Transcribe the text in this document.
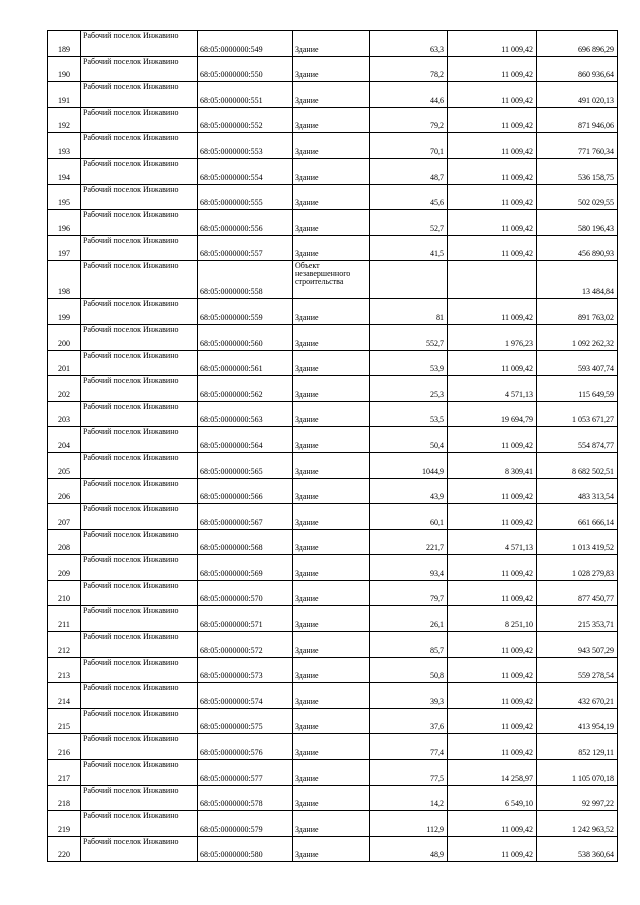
189	Рабочий поселок Инжавино	68:05:0000000:549	Здание	63,3	11 009,42	696 896,29
190	Рабочий поселок Инжавино	68:05:0000000:550	Здание	78,2	11 009,42	860 936,64
191	Рабочий поселок Инжавино	68:05:0000000:551	Здание	44,6	11 009,42	491 020,13
192	Рабочий поселок Инжавино	68:05:0000000:552	Здание	79,2	11 009,42	871 946,06
193	Рабочий поселок Инжавино	68:05:0000000:553	Здание	70,1	11 009,42	771 760,34
194	Рабочий поселок Инжавино	68:05:0000000:554	Здание	48,7	11 009,42	536 158,75
195	Рабочий поселок Инжавино	68:05:0000000:555	Здание	45,6	11 009,42	502 029,55
196	Рабочий поселок Инжавино	68:05:0000000:556	Здание	52,7	11 009,42	580 196,43
197	Рабочий поселок Инжавино	68:05:0000000:557	Здание	41,5	11 009,42	456 890,93
198	Рабочий поселок Инжавино	68:05:0000000:558	Объект незавершенного строительства			13 484,84
199	Рабочий поселок Инжавино	68:05:0000000:559	Здание	81	11 009,42	891 763,02
200	Рабочий поселок Инжавино	68:05:0000000:560	Здание	552,7	1 976,23	1 092 262,32
201	Рабочий поселок Инжавино	68:05:0000000:561	Здание	53,9	11 009,42	593 407,74
202	Рабочий поселок Инжавино	68:05:0000000:562	Здание	25,3	4 571,13	115 649,59
203	Рабочий поселок Инжавино	68:05:0000000:563	Здание	53,5	19 694,79	1 053 671,27
204	Рабочий поселок Инжавино	68:05:0000000:564	Здание	50,4	11 009,42	554 874,77
205	Рабочий поселок Инжавино	68:05:0000000:565	Здание	1044,9	8 309,41	8 682 502,51
206	Рабочий поселок Инжавино	68:05:0000000:566	Здание	43,9	11 009,42	483 313,54
207	Рабочий поселок Инжавино	68:05:0000000:567	Здание	60,1	11 009,42	661 666,14
208	Рабочий поселок Инжавино	68:05:0000000:568	Здание	221,7	4 571,13	1 013 419,52
209	Рабочий поселок Инжавино	68:05:0000000:569	Здание	93,4	11 009,42	1 028 279,83
210	Рабочий поселок Инжавино	68:05:0000000:570	Здание	79,7	11 009,42	877 450,77
211	Рабочий поселок Инжавино	68:05:0000000:571	Здание	26,1	8 251,10	215 353,71
212	Рабочий поселок Инжавино	68:05:0000000:572	Здание	85,7	11 009,42	943 507,29
213	Рабочий поселок Инжавино	68:05:0000000:573	Здание	50,8	11 009,42	559 278,54
214	Рабочий поселок Инжавино	68:05:0000000:574	Здание	39,3	11 009,42	432 670,21
215	Рабочий поселок Инжавино	68:05:0000000:575	Здание	37,6	11 009,42	413 954,19
216	Рабочий поселок Инжавино	68:05:0000000:576	Здание	77,4	11 009,42	852 129,11
217	Рабочий поселок Инжавино	68:05:0000000:577	Здание	77,5	14 258,97	1 105 070,18
218	Рабочий поселок Инжавино	68:05:0000000:578	Здание	14,2	6 549,10	92 997,22
219	Рабочий поселок Инжавино	68:05:0000000:579	Здание	112,9	11 009,42	1 242 963,52
220	Рабочий поселок Инжавино	68:05:0000000:580	Здание	48,9	11 009,42	538 360,64
